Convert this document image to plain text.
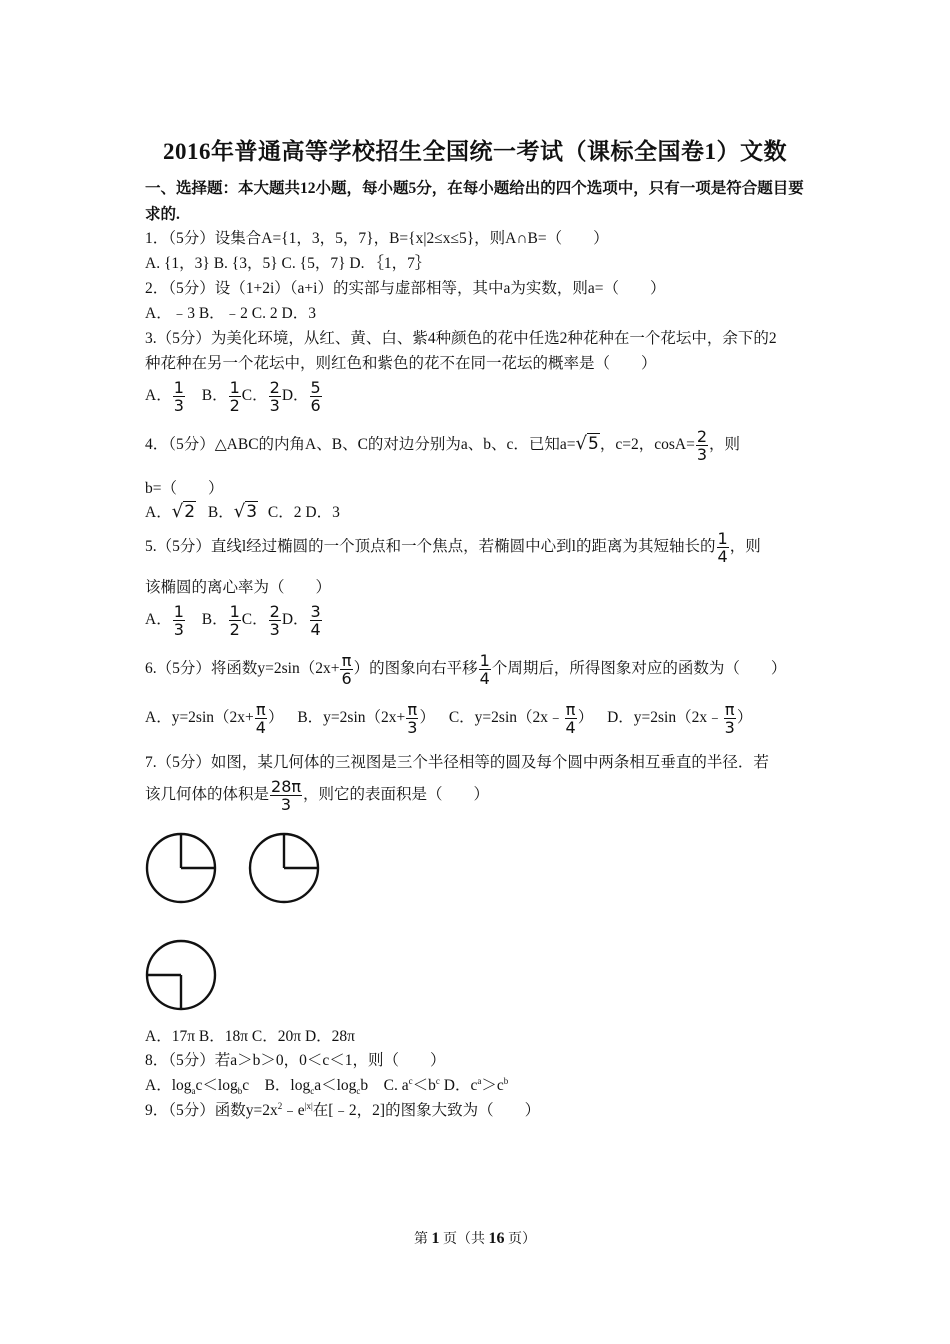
2016年普通高等学校招生全国统一考试（课标全国卷1）文数
一、选择题：本大题共12小题，每小题5分，在每小题给出的四个选项中，只有一项是符合题目要求的.
1．（5分）设集合A={1，3，5，7}，B={x|2≤x≤5}，则A∩B=（　　）
A. {1，3} B. {3，5} C. {5，7} D. ｛1，7｝
2．（5分）设（1+2i）（a+i）的实部与虚部相等，其中a为实数，则a=（　　）
A．﹣3 B．﹣2 C. 2 D．3
3.（5分）为美化环境，从红、黄、白、紫4种颜色的花中任选2种花种在一个花坛中，余下的2
种花种在另一个花坛中，则红色和紫色的花不在同一花坛的概率是（　　）
A． $\frac{1}{3}$ B． $\frac{1}{2}$ C． $\frac{2}{3}$ D． $\frac{5}{6}$
4．（5分）△ABC的内角A、B、C的对边分别为a、b、c．已知a=√5，c=2，$\cos A= \frac{2}{3}$ ，则
b=（　　）
A．√2 B．√3 C．2 D．3
5.（5分）直线l经过椭圆的一个顶点和一个焦点，若椭圆中心到l的距离为其短轴长的 $\frac{1}{4}$ ，则
该椭圆的离心率为（　　）
A． $\frac{1}{3}$ B． $\frac{1}{2}$ C． $\frac{2}{3}$ D． $\frac{3}{4}$
6.（5分）将函数$y=2\sin(2x+ \frac{\pi}{6}$ ）的图象向右平移 $\frac{1}{4}$ 个周期后，所得图象对应的函数为（　　）
A．$y=2\sin(2x+ \frac{\pi}{4}$ ） B．$y=2\sin(2x+ \frac{\pi}{3}$ ） C．y=2sin（2x﹣ $\frac{\pi}{4}$ ） D．y=2sin（2x﹣ $\frac{\pi}{3}$ ）
7.（5分）如图，某几何体的三视图是三个半径相等的圆及每个圆中两条相互垂直的半径．若
该几何体的体积是 $\frac{28\pi}{3}$ ，则它的表面积是（　　）
A．17π B．18π C．20π D．28π
8．（5分）若a＞b＞0，0＜c＜1，则（　　）
A．$\log_ac<\log_bc$　B．$\log_ca<\log_cb$　C. $a^c<b^c$ D．$c^a>c^b$
9．（5分）函数$y=2x^2﹣e^{|x|}$在[﹣2，2]的图象大致为（　　）
第 1 页（共 16 页）
